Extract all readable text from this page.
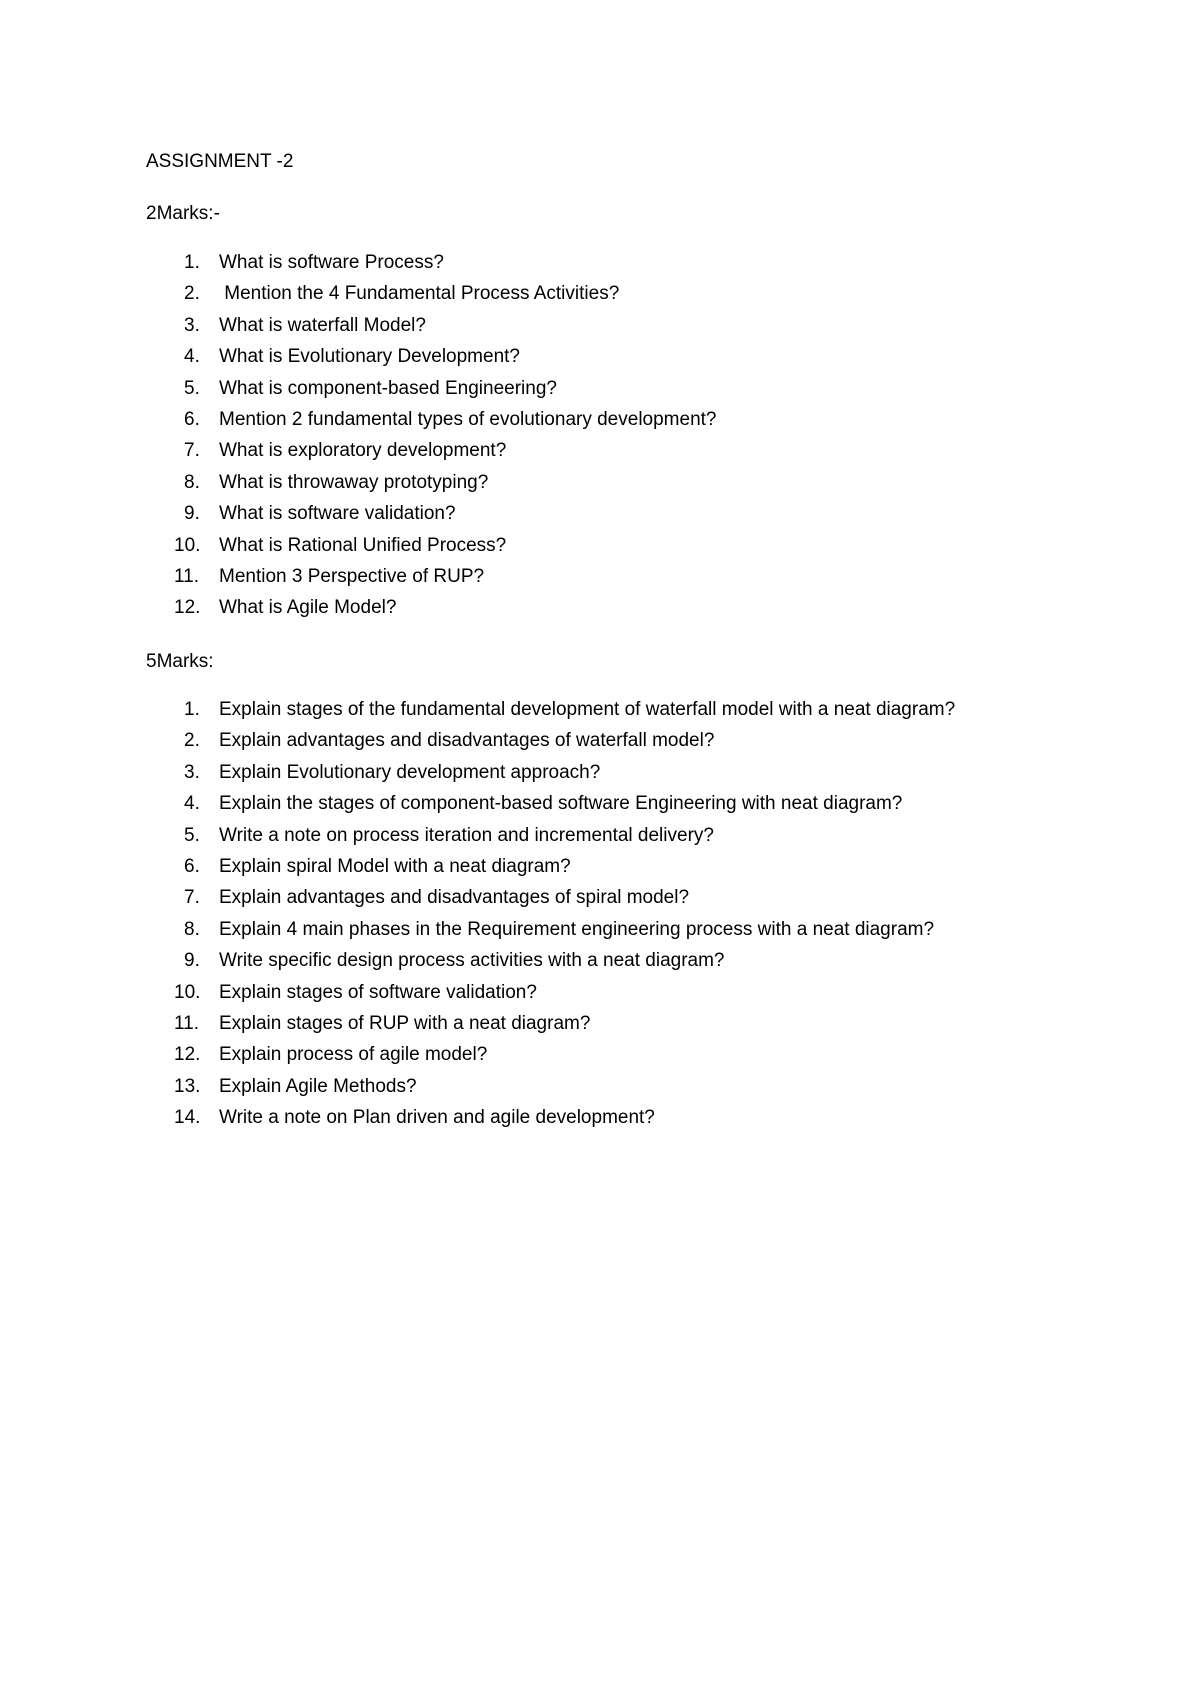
ASSIGNMENT -2
2Marks:-
1. What is software Process?
2. Mention the 4 Fundamental Process Activities?
3. What is waterfall Model?
4. What is Evolutionary Development?
5. What is component-based Engineering?
6. Mention 2 fundamental types of evolutionary development?
7. What is exploratory development?
8. What is throwaway prototyping?
9. What is software validation?
10. What is Rational Unified Process?
11. Mention 3 Perspective of RUP?
12. What is Agile Model?
5Marks:
1. Explain stages of the fundamental development of waterfall model with a neat diagram?
2. Explain advantages and disadvantages of waterfall model?
3. Explain Evolutionary development approach?
4. Explain the stages of component-based software Engineering with neat diagram?
5. Write a note on process iteration and incremental delivery?
6. Explain spiral Model with a neat diagram?
7. Explain advantages and disadvantages of spiral model?
8. Explain 4 main phases in the Requirement engineering process with a neat diagram?
9. Write specific design process activities with a neat diagram?
10. Explain stages of software validation?
11. Explain stages of RUP with a neat diagram?
12. Explain process of agile model?
13. Explain Agile Methods?
14. Write a note on Plan driven and agile development?
